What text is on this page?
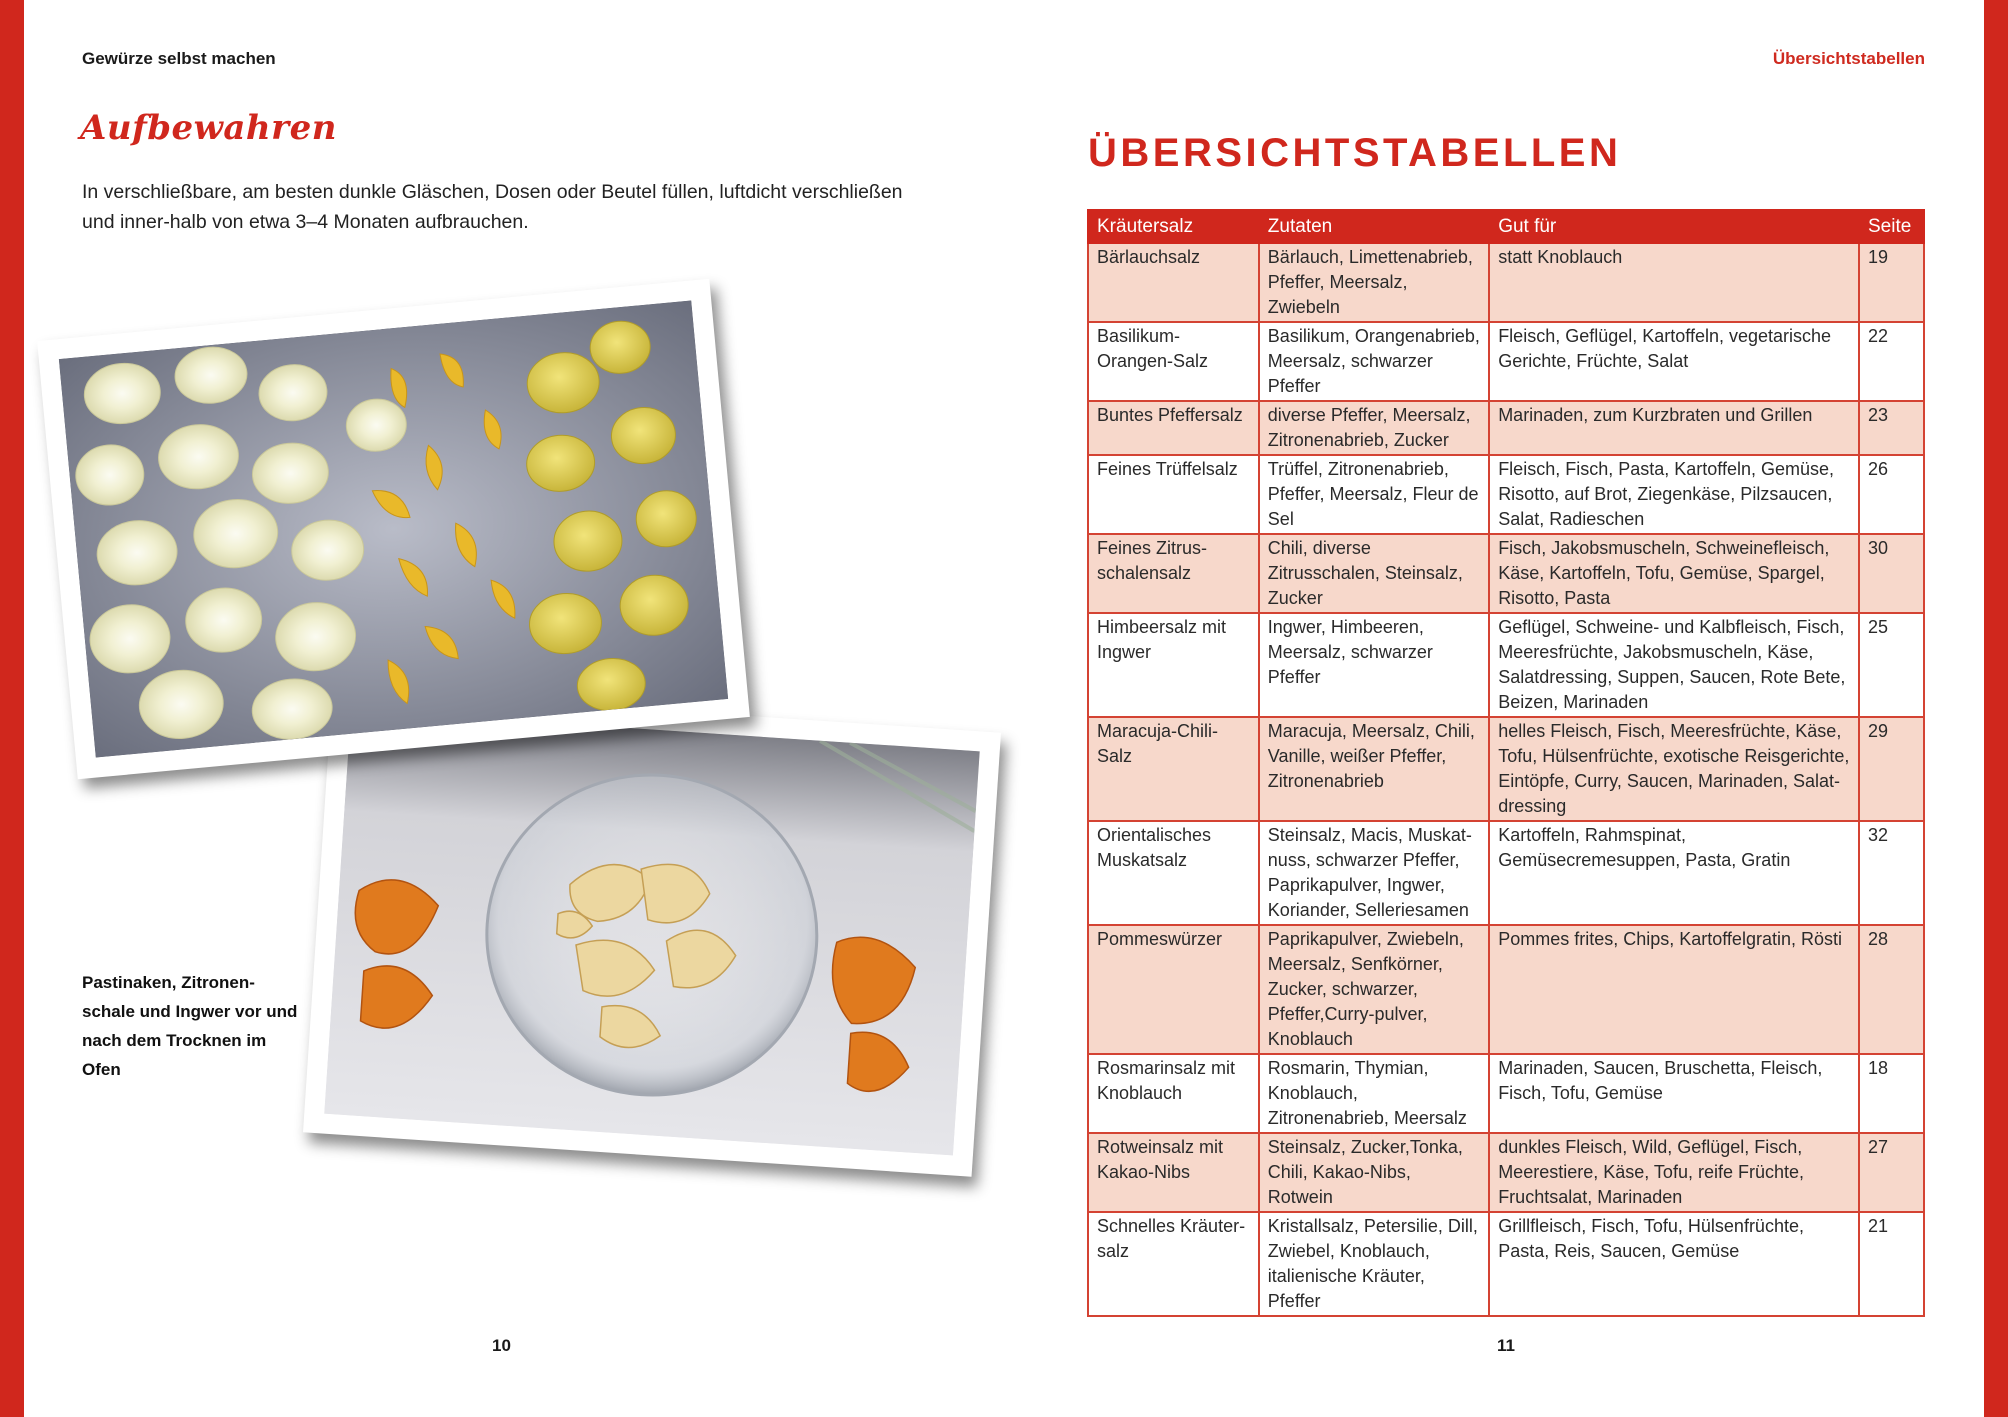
Gewürze selbst machen	Übersichtstabellen
Aufbewahren

In verschließbare, am besten dunkle Gläschen, Dosen oder Beutel füllen, luftdicht verschließen und inner-halb von etwa 3–4 Monaten aufbrauchen.

Pastinaken, Zitronen-schale und Ingwer vor und nach dem Trocknen im Ofen

10
ÜBERSICHTSTABELLEN
Kräutersalz	Zutaten	Gut für	Seite
Bärlauchsalz	Bärlauch, Limettenabrieb, Pfeffer, Meersalz, Zwiebeln	statt Knoblauch	19
Basilikum-Orangen-Salz	Basilikum, Orangenabrieb, Meersalz, schwarzer Pfeffer	Fleisch, Geflügel, Kartoffeln, vegetarische Gerichte, Früchte, Salat	22
Buntes Pfeffersalz	diverse Pfeffer, Meersalz, Zitronenabrieb, Zucker	Marinaden, zum Kurzbraten und Grillen	23
Feines Trüffelsalz	Trüffel, Zitronenabrieb, Pfeffer, Meersalz, Fleur de Sel	Fleisch, Fisch, Pasta, Kartoffeln, Gemüse, Risotto, auf Brot, Ziegenkäse, Pilzsaucen, Salat, Radieschen	26
Feines Zitrus-schalensalz	Chili, diverse Zitrusschalen, Steinsalz, Zucker	Fisch, Jakobsmuscheln, Schweinefleisch, Käse, Kartoffeln, Tofu, Gemüse, Spargel, Risotto, Pasta	30
Himbeersalz mit Ingwer	Ingwer, Himbeeren, Meersalz, schwarzer Pfeffer	Geflügel, Schweine- und Kalbfleisch, Fisch, Meeresfrüchte, Jakobsmuscheln, Käse, Salatdressing, Suppen, Saucen, Rote Bete, Beizen, Marinaden	25
Maracuja-Chili-Salz	Maracuja, Meersalz, Chili, Vanille, weißer Pfeffer, Zitronenabrieb	helles Fleisch, Fisch, Meeresfrüchte, Käse, Tofu, Hülsenfrüchte, exotische Reisgerichte, Eintöpfe, Curry, Saucen, Marinaden, Salat-dressing	29
Orientalisches Muskatsalz	Steinsalz, Macis, Muskat-nuss, schwarzer Pfeffer, Paprikapulver, Ingwer, Koriander, Selleriesamen	Kartoffeln, Rahmspinat, Gemüsecremesuppen, Pasta, Gratin	32
Pommeswürzer	Paprikapulver, Zwiebeln, Meersalz, Senfkörner, Zucker, schwarzer, Pfeffer,Curry-pulver, Knoblauch	Pommes frites, Chips, Kartoffelgratin, Rösti	28
Rosmarinsalz mit Knoblauch	Rosmarin, Thymian, Knoblauch, Zitronenabrieb, Meersalz	Marinaden, Saucen, Bruschetta, Fleisch, Fisch, Tofu, Gemüse	18
Rotweinsalz mit Kakao-Nibs	Steinsalz, Zucker,Tonka, Chili, Kakao-Nibs, Rotwein	dunkles Fleisch, Wild, Geflügel, Fisch, Meerestiere, Käse, Tofu, reife Früchte, Fruchtsalat, Marinaden	27
Schnelles Kräuter-salz	Kristallsalz, Petersilie, Dill, Zwiebel, Knoblauch, italienische Kräuter, Pfeffer	Grillfleisch, Fisch, Tofu, Hülsenfrüchte, Pasta, Reis, Saucen, Gemüse	21
11
